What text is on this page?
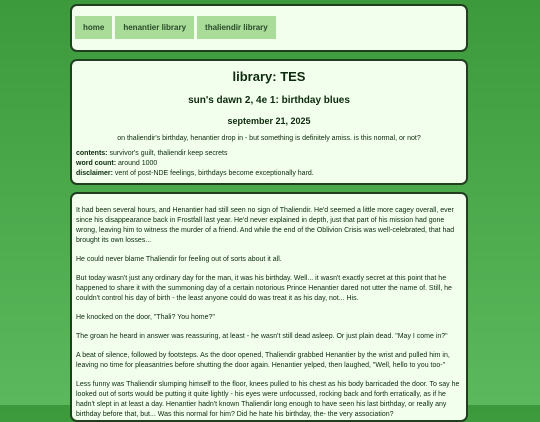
home henantier library thaliendir library
library: TES
sun's dawn 2, 4e 1: birthday blues
september 21, 2025

on thaliendir's birthday, henantier drop in - but something is definitely amiss. is this normal, or not?

contents: survivor's guilt, thaliendir keep secrets
word count: around 1000
disclaimer: vent of post-NDE feelings, birthdays become exceptionally hard.

It had been several hours, and Henantier had still seen no sign of Thaliendir. He'd seemed a little more cagey overall, ever since his disappearance back in Frostfall last year. He'd never explained in depth, just that part of his mission had gone wrong, leaving him to witness the murder of a friend. And while the end of the Oblivion Crisis was well-celebrated, that had brought its own losses...

He could never blame Thaliendir for feeling out of sorts about it all.

But today wasn't just any ordinary day for the man, it was his birthday. Well... it wasn't exactly secret at this point that he happened to share it with the summoning day of a certain notorious Prince Henantier dared not utter the name of. Still, he couldn't control his day of birth - the least anyone could do was treat it as his day, not... His.

He knocked on the door, "Thali? You home?"

The groan he heard in answer was reassuring, at least - he wasn't still dead asleep. Or just plain dead. "May I come in?"

A beat of silence, followed by footsteps. As the door opened, Thaliendir grabbed Henantier by the wrist and pulled him in, leaving no time for pleasantries before shutting the door again. Henantier yelped, then laughed, "Well, hello to you too-"

Less funny was Thaliendir slumping himself to the floor, knees pulled to his chest as his body barricaded the door. To say he looked out of sorts would be putting it quite lightly - his eyes were unfocussed, rocking back and forth erratically, as if he hadn't slept in at least a day. Henantier hadn't known Thaliendir long enough to have seen his last birthday, or really any birthday before that, but... Was this normal for him? Did he hate his birthday, the- the very association?
